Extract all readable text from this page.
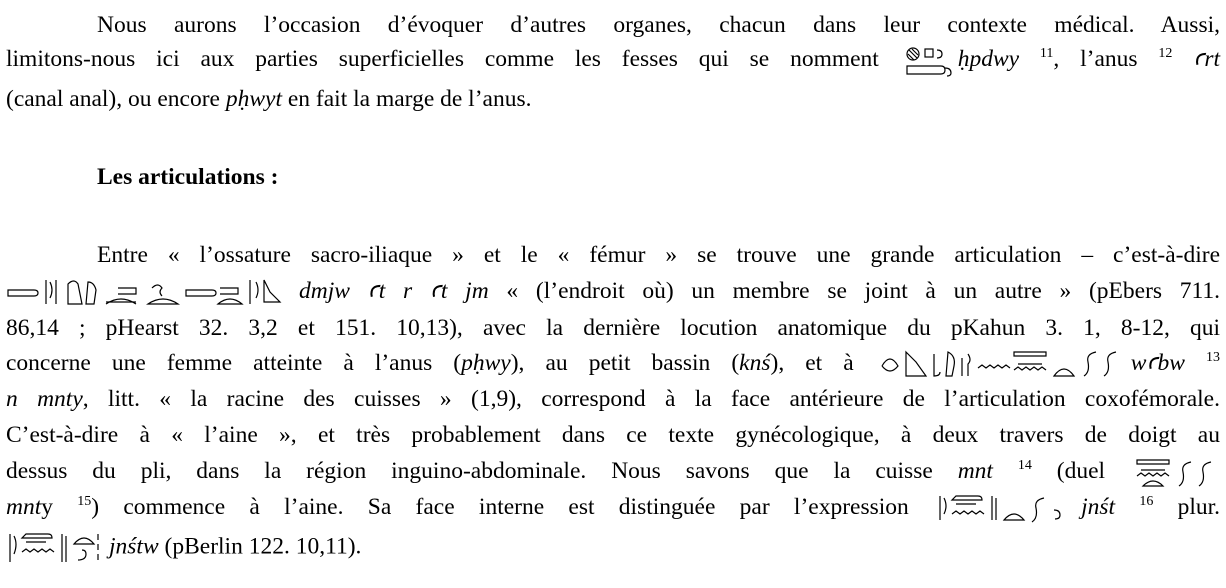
Nous aurons l’occasion d’évoquer d’autres organes, chacun dans leur contexte médical. Aussi,
limitons-nous ici aux parties superficielles comme les fesses qui se nomment	ḥpdwy $^{11}$, l’anus $^{12}$ ꜥrt
(canal anal), ou encore pḥwyt en fait la marge de l’anus.
Les articulations :
Entre « l’ossature sacro-iliaque » et le « fémur » se trouve une grande articulation – c’est-à-dire
dmjw ꜥt r ꜥt jm « (l’endroit où) un membre se joint à un autre » (pEbers 711.
86,14 ; pHearst 32. 3,2 et 151. 10,13), avec la dernière locution anatomique du pKahun 3. 1, 8-12, qui
concerne une femme atteinte à l’anus (pḥwy), au petit bassin (knś), et à	wꜥbw $^{13}$
n mnty, litt. « la racine des cuisses » (1,9), correspond à la face antérieure de l’articulation coxofémorale.
C’est-à-dire à « l’aine », et très probablement dans ce texte gynécologique, à deux travers de doigt au
dessus du pli, dans la région inguino-abdominale. Nous savons que la cuisse mnt $^{14}$ (duel
mnty $^{15}$) commence à l’aine. Sa face interne est distinguée par l’expression	jnśt $^{16}$ plur.
jnśtw (pBerlin 122. 10,11).
